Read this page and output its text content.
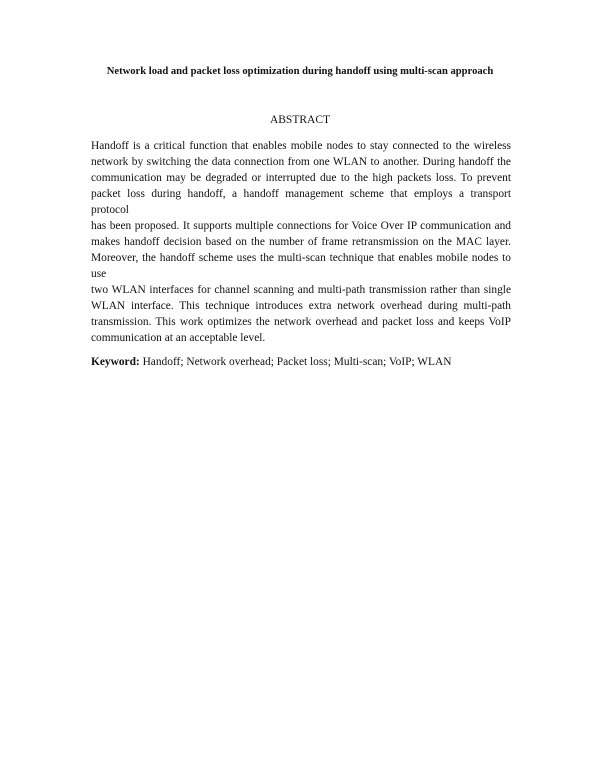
Network load and packet loss optimization during handoff using multi-scan approach
ABSTRACT
Handoff is a critical function that enables mobile nodes to stay connected to the wireless
network by switching the data connection from one WLAN to another. During handoff the
communication may be degraded or interrupted due to the high packets loss. To prevent
packet loss during handoff, a handoff management scheme that employs a transport protocol
has been proposed. It supports multiple connections for Voice Over IP communication and
makes handoff decision based on the number of frame retransmission on the MAC layer.
Moreover, the handoff scheme uses the multi-scan technique that enables mobile nodes to use
two WLAN interfaces for channel scanning and multi-path transmission rather than single
WLAN interface. This technique introduces extra network overhead during multi-path
transmission. This work optimizes the network overhead and packet loss and keeps VoIP
communication at an acceptable level.
Keyword: Handoff; Network overhead; Packet loss; Multi-scan; VoIP; WLAN
